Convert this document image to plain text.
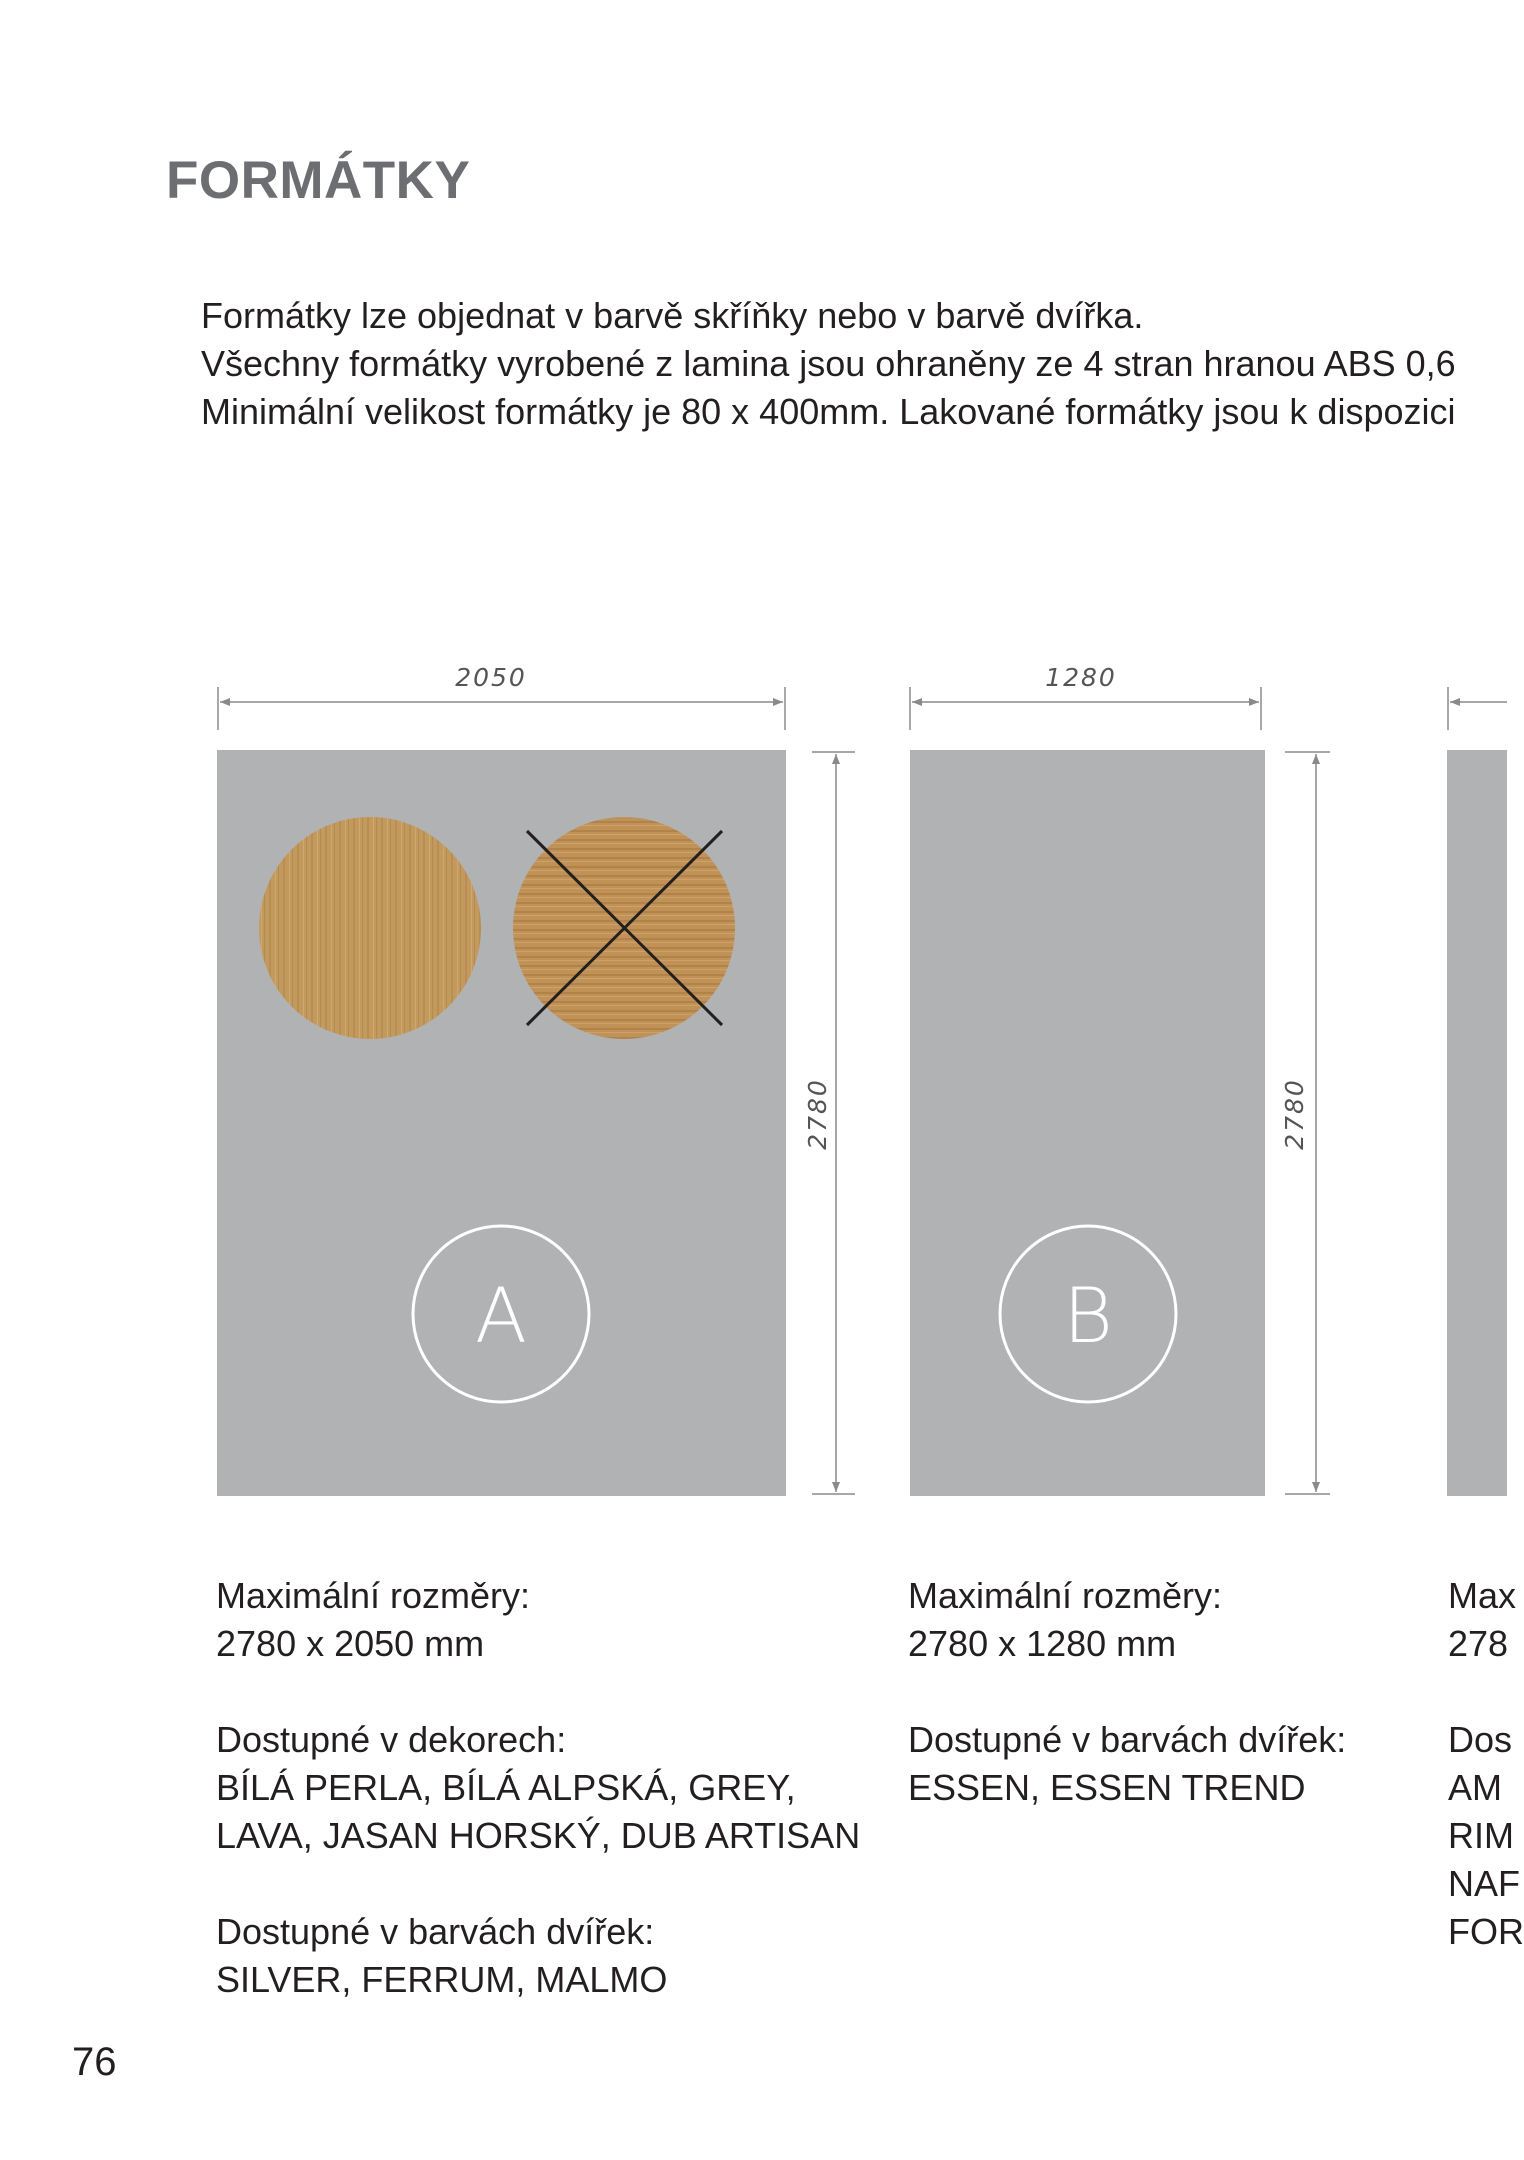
FORMÁTKY
Formátky lze objednat v barvě skříňky nebo v barvě dvířka.
Všechny formátky vyrobené z lamina jsou ohraněny ze 4 stran hranou ABS 0,6
Minimální velikost formátky je 80 x 400mm. Lakované formátky jsou k dispozici
2050
A
2780
1280
B
2780
Maximální rozměry:
2780 x 2050 mm
Dostupné v dekorech:
BÍLÁ PERLA, BÍLÁ ALPSKÁ, GREY,
LAVA, JASAN HORSKÝ, DUB ARTISAN
Dostupné v barvách dvířek:
SILVER, FERRUM, MALMO
Maximální rozměry:
2780 x 1280 mm
Dostupné v barvách dvířek:
ESSEN, ESSEN TREND
Max
278
Dos
AM
RIM
NAF
FOR
76
